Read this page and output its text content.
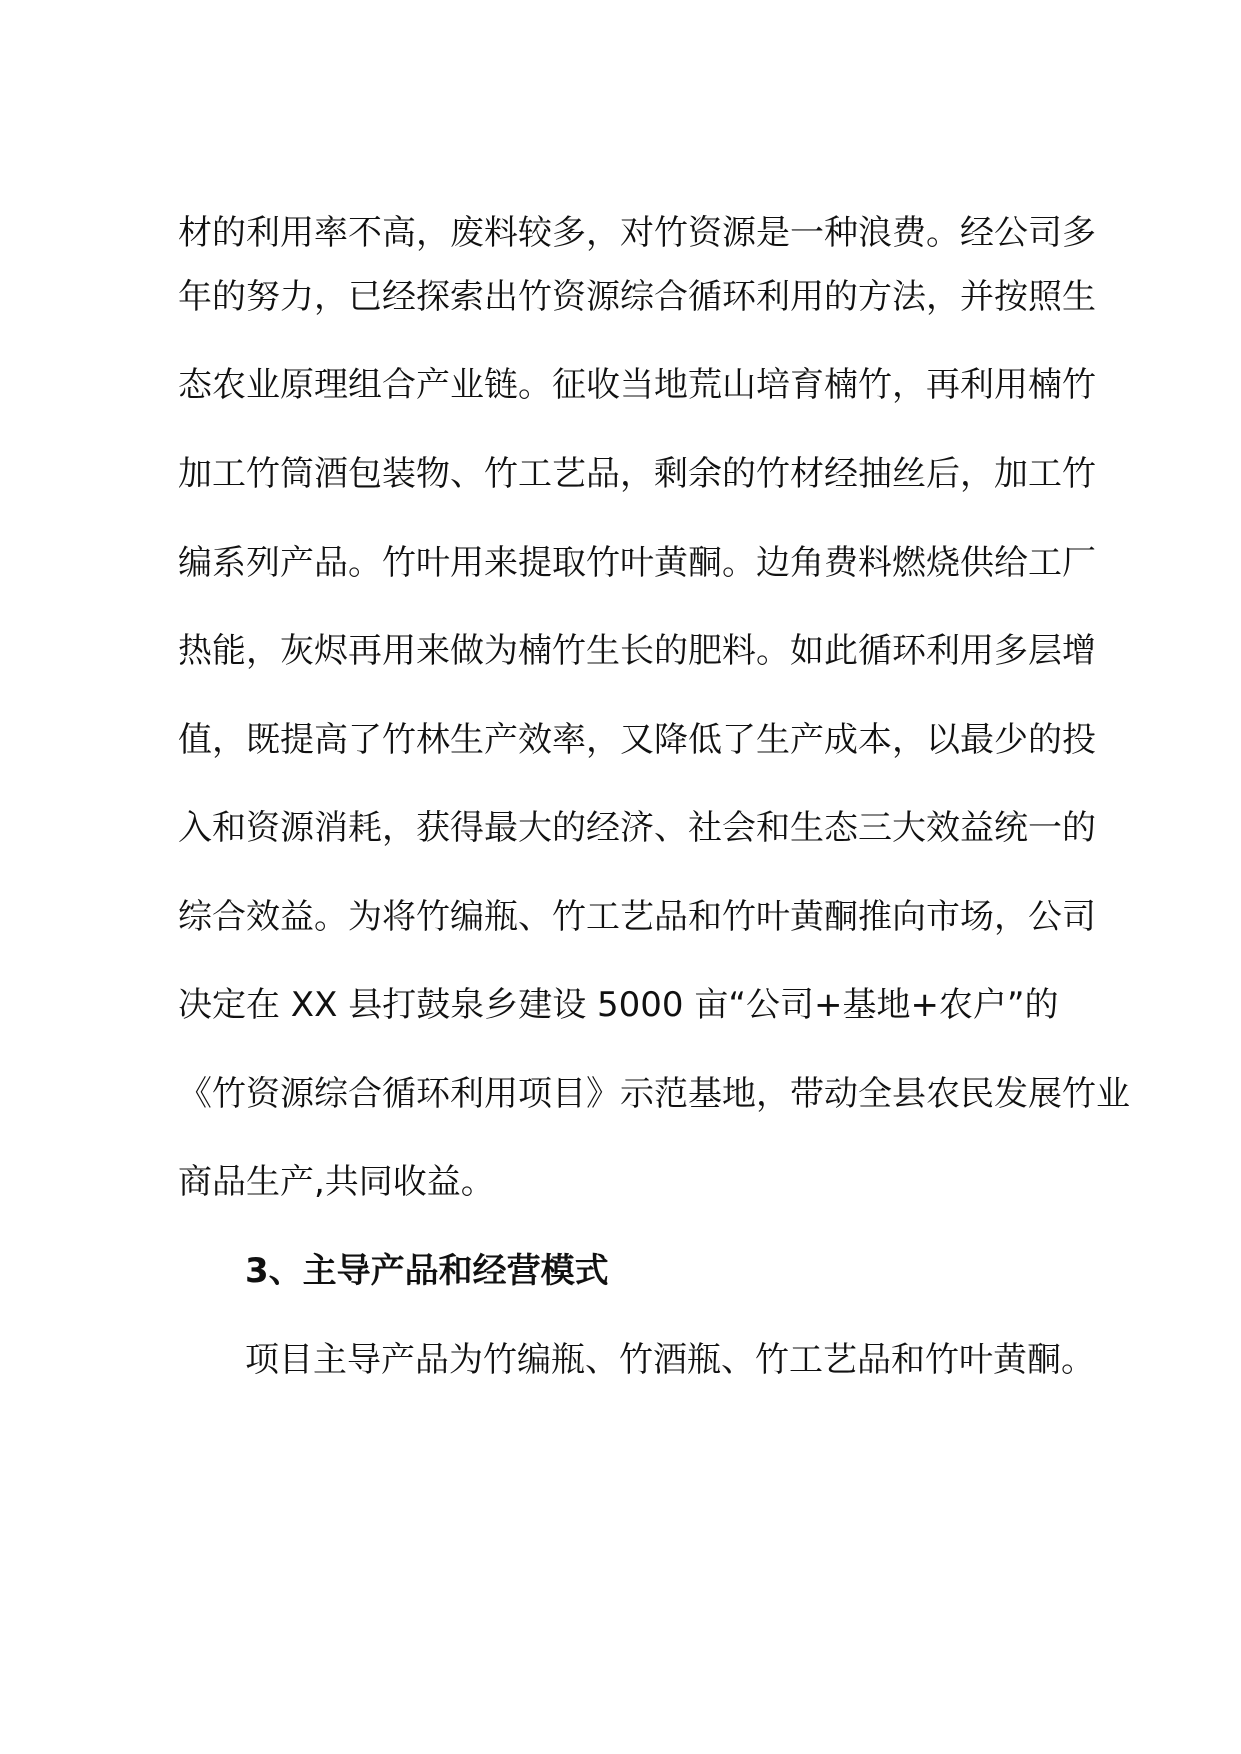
材的利用率不高，废料较多，对竹资源是一种浪费。经公司多
年的努力，已经探索出竹资源综合循环利用的方法，并按照生
态农业原理组合产业链。征收当地荒山培育楠竹，再利用楠竹
加工竹筒酒包装物、竹工艺品，剩余的竹材经抽丝后，加工竹
编系列产品。竹叶用来提取竹叶黄酮。边角费料燃烧供给工厂
热能，灰烬再用来做为楠竹生长的肥料。如此循环利用多层增
值，既提高了竹林生产效率，又降低了生产成本，以最少的投
入和资源消耗，获得最大的经济、社会和生态三大效益统一的
综合效益。为将竹编瓶、竹工艺品和竹叶黄酮推向市场，公司
决定在 XX 县打鼓泉乡建设 5000 亩“公司+基地+农户”的
《竹资源综合循环利用项目》示范基地，带动全县农民发展竹业
商品生产,共同收益。
3、主导产品和经营模式
项目主导产品为竹编瓶、竹酒瓶、竹工艺品和竹叶黄酮。
